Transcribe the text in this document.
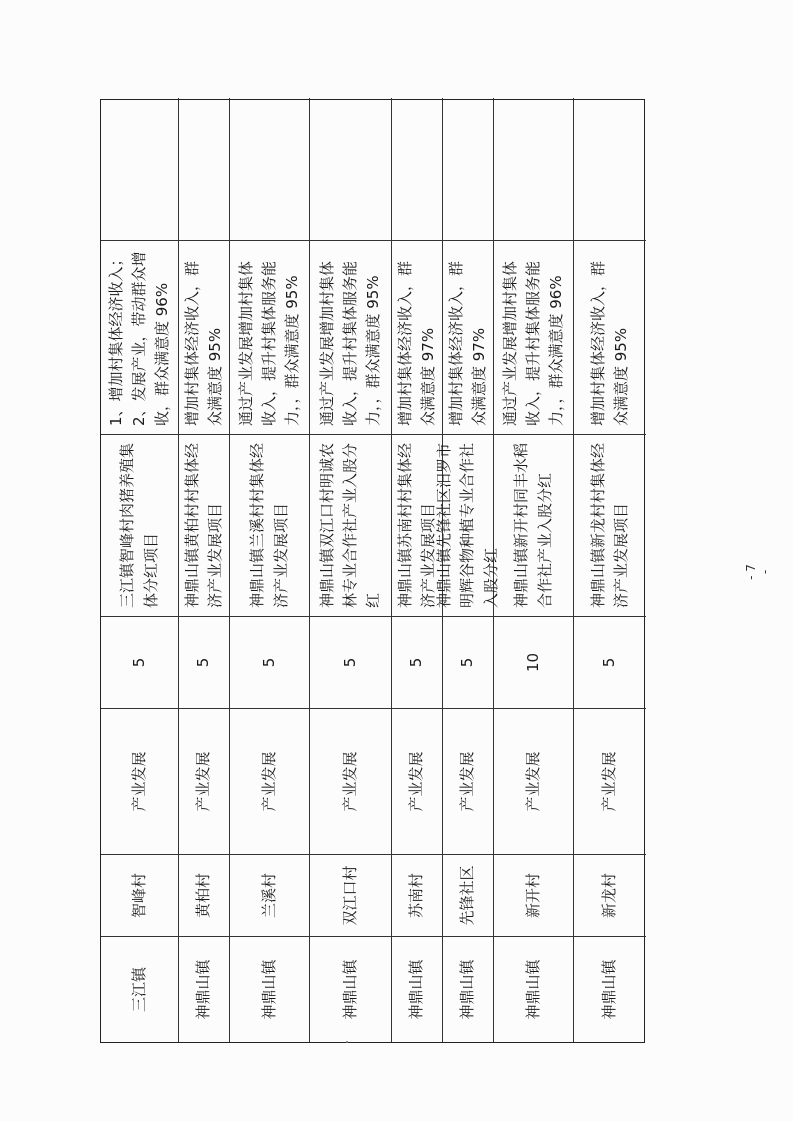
三江镇
智峰村
产业发展
5
三江镇智峰村肉猪养殖集体分红项目
1、增加村集体经济收入；2、发展产业，带动群众增收，群众满意度 96%
神鼎山镇
黄柏村
产业发展
5
神鼎山镇黄柏村村集体经济产业发展项目
增加村集体经济收入，群众满意度 95%
神鼎山镇
兰溪村
产业发展
5
神鼎山镇兰溪村村集体经济产业发展项目
通过产业发展增加村集体收入，提升村集体服务能力，，群众满意度 95%
神鼎山镇
双江口村
产业发展
5
神鼎山镇双江口村明诚农林专业合作社产业入股分红
通过产业发展增加村集体收入，提升村集体服务能力，，群众满意度 95%
神鼎山镇
苏南村
产业发展
5
神鼎山镇苏南村村集体经济产业发展项目
增加村集体经济收入，群众满意度 97%
神鼎山镇
先锋社区
产业发展
5
神鼎山镇先锋社区汨罗市明辉谷物种植专业合作社入股分红
增加村集体经济收入，群众满意度 97%
神鼎山镇
新开村
产业发展
10
神鼎山镇新开村同丰水稻合作社产业入股分红
通过产业发展增加村集体收入，提升村集体服务能力，，群众满意度 96%
神鼎山镇
新龙村
产业发展
5
神鼎山镇新龙村村集体经济产业发展项目
增加村集体经济收入，群众满意度 95%
- 7 -
